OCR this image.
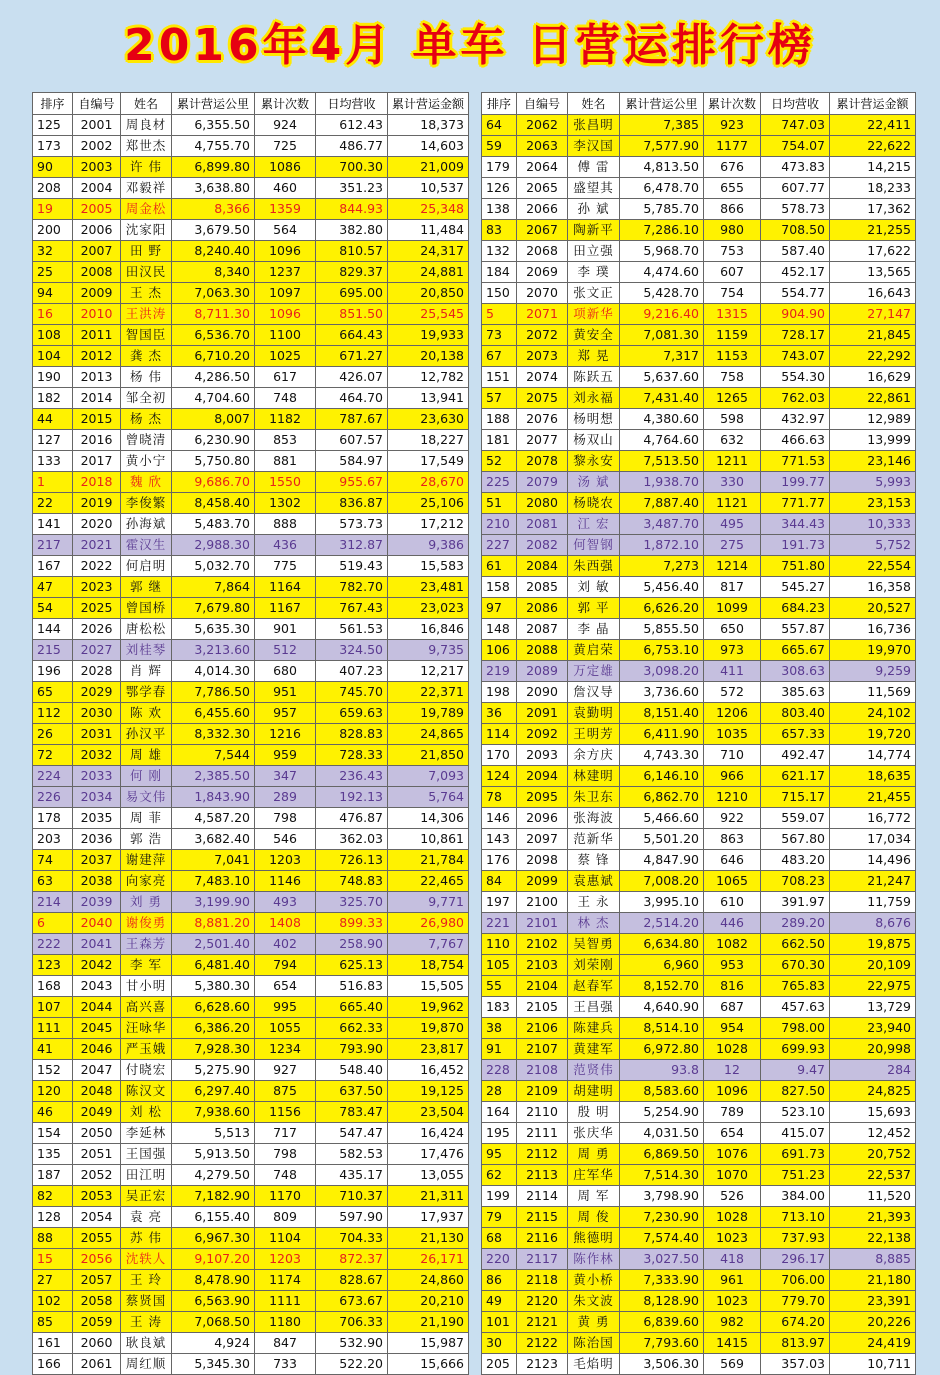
2016年4月 单车 日营运排行榜
排序	自编号	姓名	累计营运公里	累计次数	日均营收	累计营运金额
125	2001	周良材	6,355.50	924	612.43	18,373
173	2002	郑世杰	4,755.70	725	486.77	14,603
90	2003	许 伟	6,899.80	1086	700.30	21,009
208	2004	邓毅祥	3,638.80	460	351.23	10,537
19	2005	周金松	8,366	1359	844.93	25,348
200	2006	沈家阳	3,679.50	564	382.80	11,484
32	2007	田 野	8,240.40	1096	810.57	24,317
25	2008	田汉民	8,340	1237	829.37	24,881
94	2009	王 杰	7,063.30	1097	695.00	20,850
16	2010	王洪涛	8,711.30	1096	851.50	25,545
108	2011	智国臣	6,536.70	1100	664.43	19,933
104	2012	龚 杰	6,710.20	1025	671.27	20,138
190	2013	杨 伟	4,286.50	617	426.07	12,782
182	2014	邹全初	4,704.60	748	464.70	13,941
44	2015	杨 杰	8,007	1182	787.67	23,630
127	2016	曾晓清	6,230.90	853	607.57	18,227
133	2017	黄小宁	5,750.80	881	584.97	17,549
1	2018	魏 欣	9,686.70	1550	955.67	28,670
22	2019	李俊繁	8,458.40	1302	836.87	25,106
141	2020	孙海斌	5,483.70	888	573.73	17,212
217	2021	霍汉生	2,988.30	436	312.87	9,386
167	2022	何启明	5,032.70	775	519.43	15,583
47	2023	郭 继	7,864	1164	782.70	23,481
54	2025	曾国桥	7,679.80	1167	767.43	23,023
144	2026	唐松松	5,635.30	901	561.53	16,846
215	2027	刘桂琴	3,213.60	512	324.50	9,735
196	2028	肖 辉	4,014.30	680	407.23	12,217
65	2029	鄂学春	7,786.50	951	745.70	22,371
112	2030	陈 欢	6,455.60	957	659.63	19,789
26	2031	孙汉平	8,332.30	1216	828.83	24,865
72	2032	周 雄	7,544	959	728.33	21,850
224	2033	何 刚	2,385.50	347	236.43	7,093
226	2034	易文伟	1,843.90	289	192.13	5,764
178	2035	周 菲	4,587.20	798	476.87	14,306
203	2036	郭 浩	3,682.40	546	362.03	10,861
74	2037	谢建萍	7,041	1203	726.13	21,784
63	2038	向家亮	7,483.10	1146	748.83	22,465
214	2039	刘 勇	3,199.90	493	325.70	9,771
6	2040	谢俊勇	8,881.20	1408	899.33	26,980
222	2041	王森芳	2,501.40	402	258.90	7,767
123	2042	李 军	6,481.40	794	625.13	18,754
168	2043	甘小明	5,380.30	654	516.83	15,505
107	2044	高兴喜	6,628.60	995	665.40	19,962
111	2045	汪咏华	6,386.20	1055	662.33	19,870
41	2046	严玉娥	7,928.30	1234	793.90	23,817
152	2047	付晓宏	5,275.90	927	548.40	16,452
120	2048	陈汉文	6,297.40	875	637.50	19,125
46	2049	刘 松	7,938.60	1156	783.47	23,504
154	2050	李延林	5,513	717	547.47	16,424
135	2051	王国强	5,913.50	798	582.53	17,476
187	2052	田江明	4,279.50	748	435.17	13,055
82	2053	吴正宏	7,182.90	1170	710.37	21,311
128	2054	袁 亮	6,155.40	809	597.90	17,937
88	2055	苏 伟	6,967.30	1104	704.33	21,130
15	2056	沈轶人	9,107.20	1203	872.37	26,171
27	2057	王 玲	8,478.90	1174	828.67	24,860
102	2058	蔡贤国	6,563.90	1111	673.67	20,210
85	2059	王 涛	7,068.50	1180	706.33	21,190
161	2060	耿良斌	4,924	847	532.90	15,987
166	2061	周红顺	5,345.30	733	522.20	15,666
排序	自编号	姓名	累计营运公里	累计次数	日均营收	累计营运金额
64	2062	张昌明	7,385	923	747.03	22,411
59	2063	李汉国	7,577.90	1177	754.07	22,622
179	2064	傅 雷	4,813.50	676	473.83	14,215
126	2065	盛望其	6,478.70	655	607.77	18,233
138	2066	孙 斌	5,785.70	866	578.73	17,362
83	2067	陶新平	7,286.10	980	708.50	21,255
132	2068	田立强	5,968.70	753	587.40	17,622
184	2069	李 璞	4,474.60	607	452.17	13,565
150	2070	张文正	5,428.70	754	554.77	16,643
5	2071	项新华	9,216.40	1315	904.90	27,147
73	2072	黄安全	7,081.30	1159	728.17	21,845
67	2073	郑 晃	7,317	1153	743.07	22,292
151	2074	陈跃五	5,637.60	758	554.30	16,629
57	2075	刘永福	7,431.40	1265	762.03	22,861
188	2076	杨明想	4,380.60	598	432.97	12,989
181	2077	杨双山	4,764.60	632	466.63	13,999
52	2078	黎永安	7,513.50	1211	771.53	23,146
225	2079	汤 斌	1,938.70	330	199.77	5,993
51	2080	杨晓农	7,887.40	1121	771.77	23,153
210	2081	江 宏	3,487.70	495	344.43	10,333
227	2082	何智钢	1,872.10	275	191.73	5,752
61	2084	朱西强	7,273	1214	751.80	22,554
158	2085	刘 敏	5,456.40	817	545.27	16,358
97	2086	郭 平	6,626.20	1099	684.23	20,527
148	2087	李 晶	5,855.50	650	557.87	16,736
106	2088	黄启荣	6,753.10	973	665.67	19,970
219	2089	万定雄	3,098.20	411	308.63	9,259
198	2090	詹汉导	3,736.60	572	385.63	11,569
36	2091	袁勤明	8,151.40	1206	803.40	24,102
114	2092	王明芳	6,411.90	1035	657.33	19,720
170	2093	余方庆	4,743.30	710	492.47	14,774
124	2094	林建明	6,146.10	966	621.17	18,635
78	2095	朱卫东	6,862.70	1210	715.17	21,455
146	2096	张海波	5,466.60	922	559.07	16,772
143	2097	范新华	5,501.20	863	567.80	17,034
176	2098	蔡 锋	4,847.90	646	483.20	14,496
84	2099	袁惠斌	7,008.20	1065	708.23	21,247
197	2100	王 永	3,995.10	610	391.97	11,759
221	2101	林 杰	2,514.20	446	289.20	8,676
110	2102	吴智勇	6,634.80	1082	662.50	19,875
105	2103	刘荣刚	6,960	953	670.30	20,109
55	2104	赵春军	8,152.70	816	765.83	22,975
183	2105	王昌强	4,640.90	687	457.63	13,729
38	2106	陈建兵	8,514.10	954	798.00	23,940
91	2107	黄建军	6,972.80	1028	699.93	20,998
228	2108	范贤伟	93.8	12	9.47	284
28	2109	胡建明	8,583.60	1096	827.50	24,825
164	2110	殷 明	5,254.90	789	523.10	15,693
195	2111	张庆华	4,031.50	654	415.07	12,452
95	2112	周 勇	6,869.50	1076	691.73	20,752
62	2113	庄军华	7,514.30	1070	751.23	22,537
199	2114	周 军	3,798.90	526	384.00	11,520
79	2115	周 俊	7,230.90	1028	713.10	21,393
68	2116	熊德明	7,574.40	1023	737.93	22,138
220	2117	陈作林	3,027.50	418	296.17	8,885
86	2118	黄小桥	7,333.90	961	706.00	21,180
49	2120	朱文波	8,128.90	1023	779.70	23,391
101	2121	黄 勇	6,839.60	982	674.20	20,226
30	2122	陈治国	7,793.60	1415	813.97	24,419
205	2123	毛焰明	3,506.30	569	357.03	10,711
